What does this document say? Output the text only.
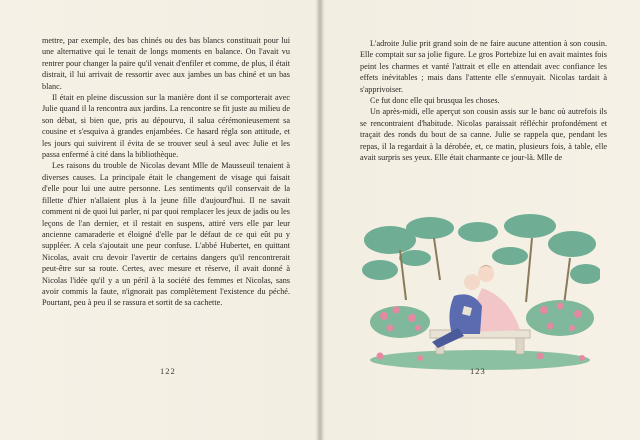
mettre, par exemple, des bas chinés ou des bas blancs constituait pour lui une alternative qui le tenait de longs moments en balance. On l'avait vu rentrer pour changer la paire qu'il venait d'enfiler et comme, de plus, il était distrait, il lui arrivait de ressortir avec aux jambes un bas chiné et un bas blanc.

Il était en pleine discussion sur la manière dont il se comporterait avec Julie quand il la rencontra aux jardins. La rencontre se fit juste au milieu de son débat, si bien que, pris au dépourvu, il salua cérémonieusement sa cousine et s'esquiva à grandes enjambées. Ce hasard régla son attitude, et les jours qui suivirent il évita de se trouver seul à seul avec Julie et les passa enfermé à cité dans la bibliothèque.

Les raisons du trouble de Nicolas devant Mlle de Mausseuil tenaient à diverses causes. La principale était le changement de visage qui faisait d'elle pour lui une autre personne. Les sentiments qu'il conservait de la fillette d'hier n'allaient plus à la jeune fille d'aujourd'hui. Il ne savait comment ni de quoi lui parler, ni par quoi remplacer les jeux de jadis ou les leçons de l'an dernier, et il restait en suspens, attiré vers elle par leur ancienne camaraderie et éloigné d'elle par le défaut de ce qui eût pu y suppléer. A cela s'ajoutait une peur confuse. L'abbé Hubertet, en quittant Nicolas, avait cru devoir l'avertir de certains dangers qu'il rencontrerait peut-être sur sa route. Certes, avec mesure et réserve, il avait donné à Nicolas l'idée qu'il y a un péril à la société des femmes et Nicolas, sans avoir commis la faute, n'ignorait pas complètement l'existence du péché. Pourtant, peu à peu il se rassura et sortit de sa cachette.

122

L'adroite Julie prit grand soin de ne faire aucune attention à son cousin. Elle comptait sur sa jolie figure. Le gros Portebize lui en avait maintes fois peint les charmes et vanté l'attrait et elle en attendait avec confiance les effets inévitables ; mais dans l'attente elle s'ennuyait. Nicolas tardait à s'apprivoiser.

Ce fut donc elle qui brusqua les choses.

Un après-midi, elle aperçut son cousin assis sur le banc où autrefois ils se rencontraient d'habitude. Nicolas paraissait réfléchir profondément et traçait des ronds du bout de sa canne. Julie se rappela que, pendant les repas, il la regardait à la dérobée, et, ce matin, plusieurs fois, à table, elle avait surpris ses yeux. Elle était charmante ce jour-là. Mlle de

123
